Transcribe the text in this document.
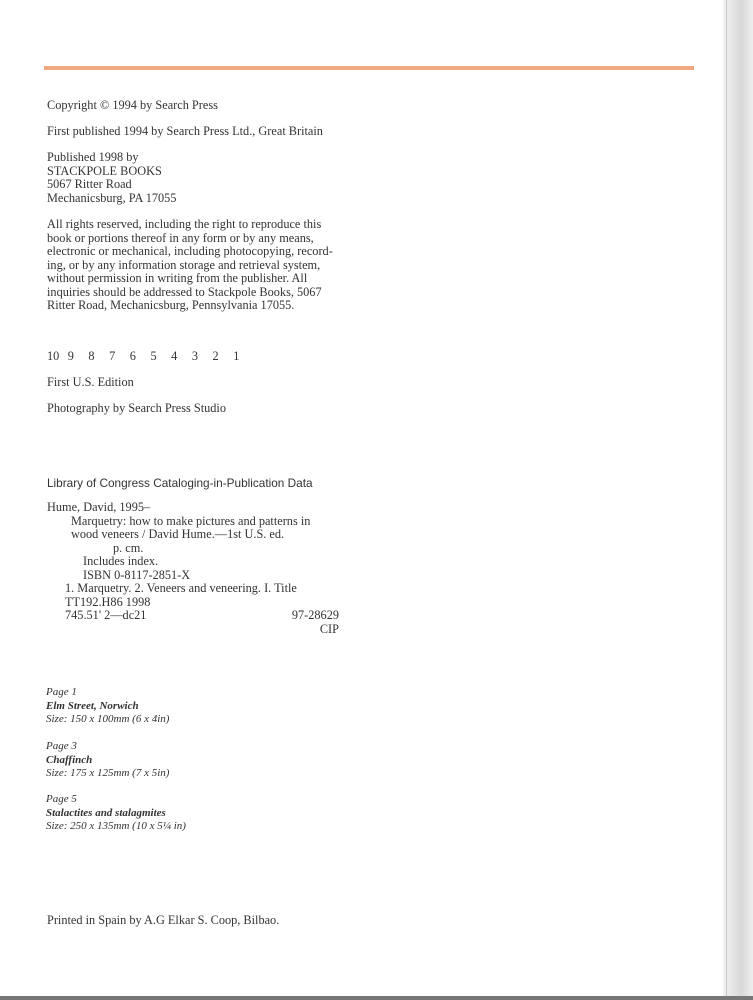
Copyright © 1994 by Search Press
First published 1994 by Search Press Ltd., Great Britain
Published 1998 by
STACKPOLE BOOKS
5067 Ritter Road
Mechanicsburg, PA 17055
All rights reserved, including the right to reproduce this
book or portions thereof in any form or by any means,
electronic or mechanical, including photocopying, record-
ing, or by any information storage and retrieval system,
without permission in writing from the publisher. All
inquiries should be addressed to Stackpole Books, 5067
Ritter Road, Mechanicsburg, Pennsylvania 17055.
10 9 8 7 6 5 4 3 2 1
First U.S. Edition
Photography by Search Press Studio
Library of Congress Cataloging-in-Publication Data
Hume, David, 1995–
Marquetry: how to make pictures and patterns in
wood veneers / David Hume.—1st U.S. ed.
p. cm.
Includes index.
ISBN 0-8117-2851-X
1. Marquetry. 2. Veneers and veneering. I. Title
TT192.H86 1998
745.51' 2—dc21	97-28629
CIP
Page 1
Elm Street, Norwich
Size: 150 x 100mm (6 x 4in)
Page 3
Chaffinch
Size: 175 x 125mm (7 x 5in)
Page 5
Stalactites and stalagmites
Size: 250 x 135mm (10 x 5¼ in)
Printed in Spain by A.G Elkar S. Coop, Bilbao.
